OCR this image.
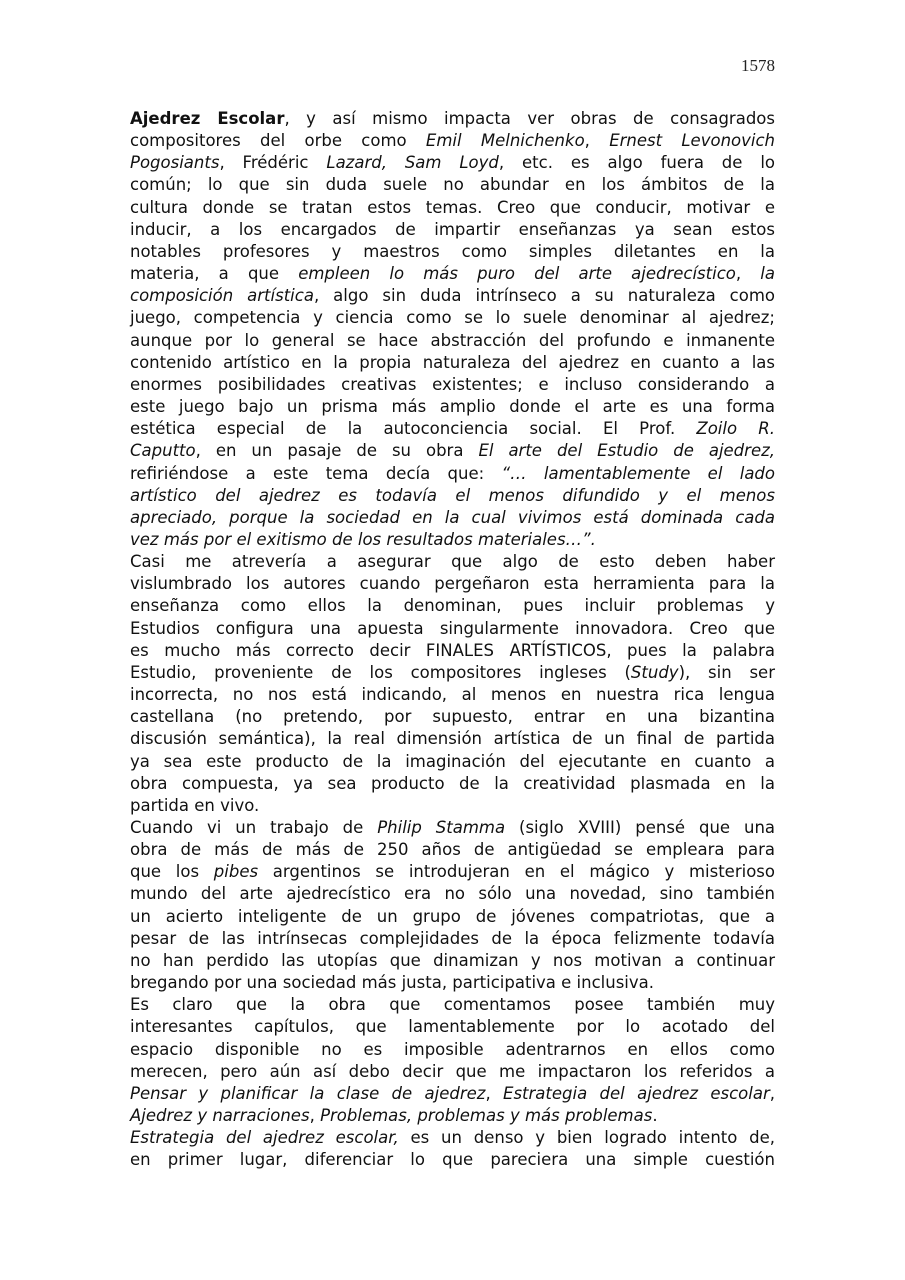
1578
Ajedrez Escolar, y así mismo impacta ver obras de consagrados
compositores del orbe como Emil Melnichenko, Ernest Levonovich
Pogosiants, Frédéric Lazard, Sam Loyd, etc. es algo fuera de lo
común; lo que sin duda suele no abundar en los ámbitos de la
cultura donde se tratan estos temas. Creo que conducir, motivar e
inducir, a los encargados de impartir enseñanzas ya sean estos
notables profesores y maestros como simples diletantes en la
materia, a que empleen lo más puro del arte ajedrecístico, la
composición artística, algo sin duda intrínseco a su naturaleza como
juego, competencia y ciencia como se lo suele denominar al ajedrez;
aunque por lo general se hace abstracción del profundo e inmanente
contenido artístico en la propia naturaleza del ajedrez en cuanto a las
enormes posibilidades creativas existentes; e incluso considerando a
este juego bajo un prisma más amplio donde el arte es una forma
estética especial de la autoconciencia social. El Prof. Zoilo R.
Caputto, en un pasaje de su obra El arte del Estudio de ajedrez,
refiriéndose a este tema decía que: “… lamentablemente el lado
artístico del ajedrez es todavía el menos difundido y el menos
apreciado, porque la sociedad en la cual vivimos está dominada cada
vez más por el exitismo de los resultados materiales…”.
Casi me atrevería a asegurar que algo de esto deben haber
vislumbrado los autores cuando pergeñaron esta herramienta para la
enseñanza como ellos la denominan, pues incluir problemas y
Estudios configura una apuesta singularmente innovadora. Creo que
es mucho más correcto decir FINALES ARTÍSTICOS, pues la palabra
Estudio, proveniente de los compositores ingleses (Study), sin ser
incorrecta, no nos está indicando, al menos en nuestra rica lengua
castellana (no pretendo, por supuesto, entrar en una bizantina
discusión semántica), la real dimensión artística de un final de partida
ya sea este producto de la imaginación del ejecutante en cuanto a
obra compuesta, ya sea producto de la creatividad plasmada en la
partida en vivo.
Cuando vi un trabajo de Philip Stamma (siglo XVIII) pensé que una
obra de más de más de 250 años de antigüedad se empleara para
que los pibes argentinos se introdujeran en el mágico y misterioso
mundo del arte ajedrecístico era no sólo una novedad, sino también
un acierto inteligente de un grupo de jóvenes compatriotas, que a
pesar de las intrínsecas complejidades de la época felizmente todavía
no han perdido las utopías que dinamizan y nos motivan a continuar
bregando por una sociedad más justa, participativa e inclusiva.
Es claro que la obra que comentamos posee también muy
interesantes capítulos, que lamentablemente por lo acotado del
espacio disponible no es imposible adentrarnos en ellos como
merecen, pero aún así debo decir que me impactaron los referidos a
Pensar y planificar la clase de ajedrez, Estrategia del ajedrez escolar,
Ajedrez y narraciones, Problemas, problemas y más problemas.
Estrategia del ajedrez escolar, es un denso y bien logrado intento de,
en primer lugar, diferenciar lo que pareciera una simple cuestión
